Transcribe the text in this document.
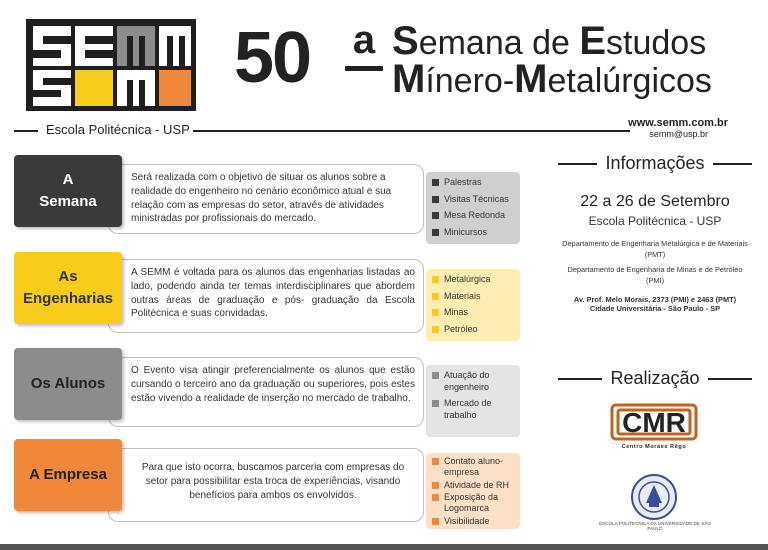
50 a Semana de Estudos
Mínero-Metalúrgicos
Escola Politécnica - USP	www.semm.com.br
semm@usp.br
A
Semana
Será realizada com o objetivo de situar os alunos sobre a realidade do engenheiro no cenário econômico atual e sua relação com as empresas do setor, através de atividades ministradas por profissionais do mercado.
Palestras
Visitas Técnicas
Mesa Redonda
Minicursos
As
Engenharias
A SEMM é voltada para os alunos das engenharias listadas ao lado, podendo ainda ter temas interdisciplinares que abordem outras áreas de graduação e pós- graduação da Escola Politécnica e suas convidadas.
Metalúrgica
Materiais
Minas
Petróleo
Os Alunos
O Evento visa atingir preferencialmente os alunos que estão cursando o terceiro ano da graduação ou superiores, pois estes estão vivendo a realidade de inserção no mercado de trabalho.
Atuação do engenheiro
Mercado de trabalho
A Empresa	Para que isto ocorra, buscamos parceria com empresas do setor para possibilitar esta troca de experiências, visando benefícios para ambos os envolvidos.
Contato aluno-empresa
Atividade de RH
Exposição da Logomarca
Visibilidade
Informações
22 a 26 de Setembro
Escola Politécnica - USP
Departamento de Engenharia Metalúrgica e de Materiais
(PMT)
Departamento de Engenharia de Minas e de Petróleo
(PMI)
Av. Prof. Melo Morais, 2373 (PMI) e 2463 (PMT)
Cidade Universitária - São Paulo - SP
Realização
CMR
Centro Moraes Rêgo
ESCOLA POLITÉCNICA DA UNIVERSIDADE DE SÃO PAULO
